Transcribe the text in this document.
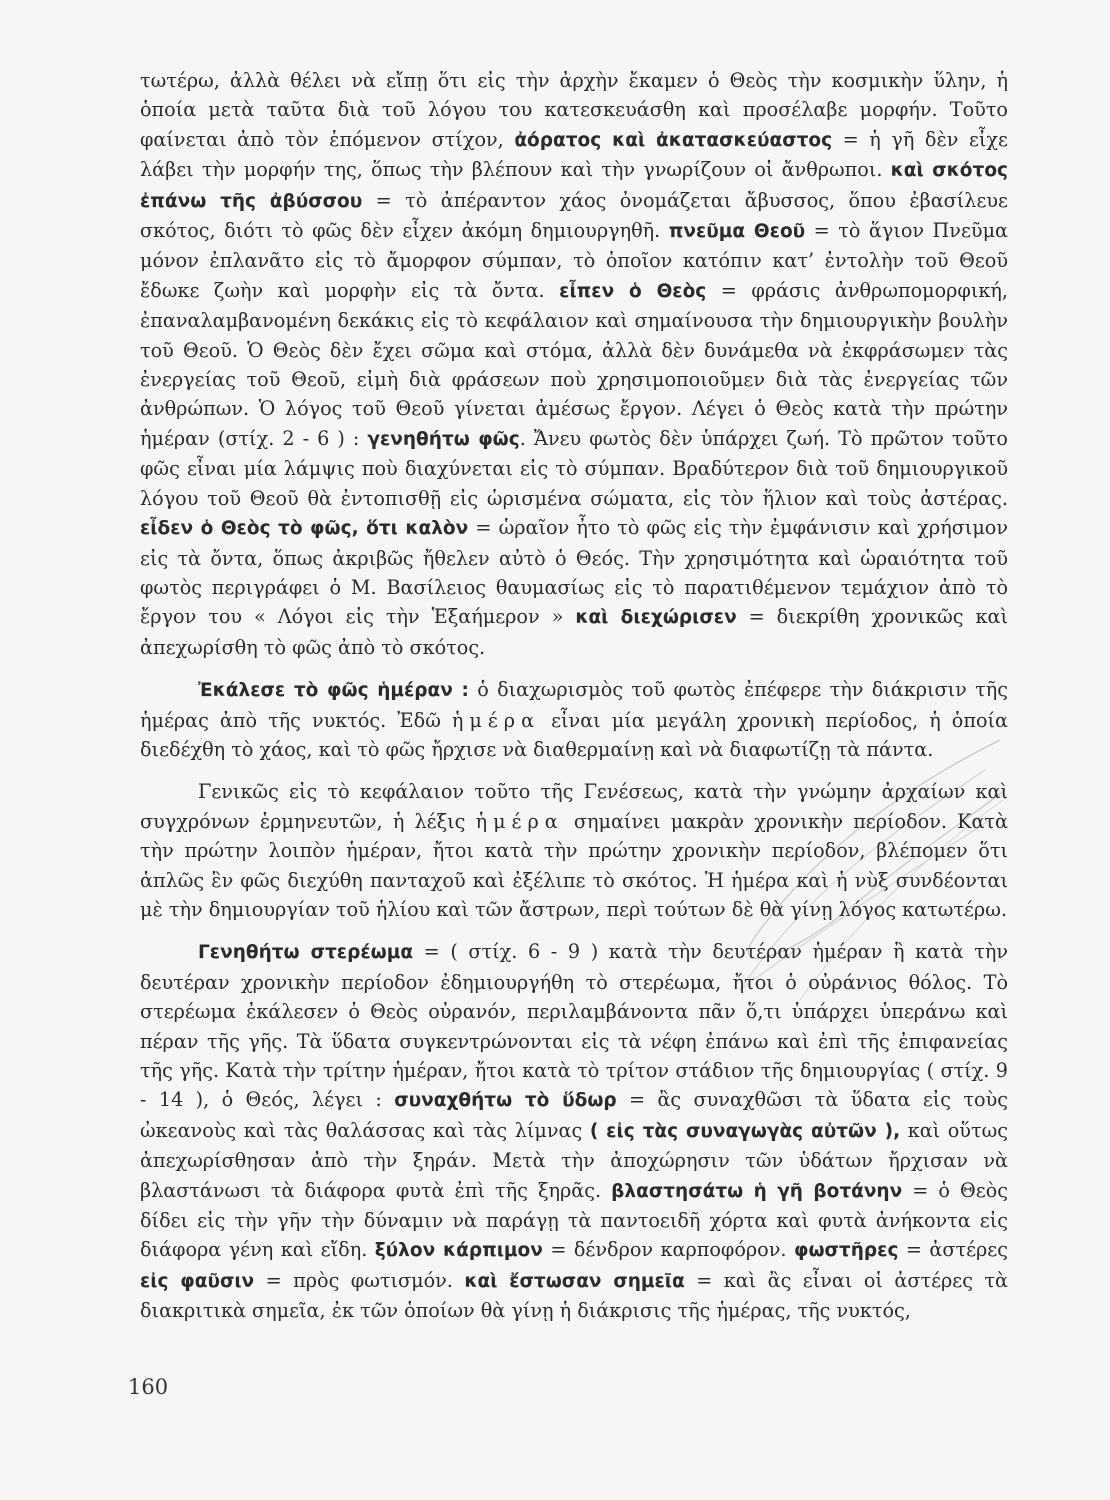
τωτέρω, ἀλλὰ θέλει νὰ εἴπῃ ὅτι εἰς τὴν ἀρχὴν ἔκαμεν ὁ Θεὸς τὴν κοσμικὴν ὕλην, ἡ ὁποία μετὰ ταῦτα διὰ τοῦ λόγου του κατεσκευάσθη καὶ προσέλαβε μορφήν. Τοῦτο φαίνεται ἀπὸ τὸν ἑπόμενον στίχον, ἀόρατος καὶ ἀκατασκεύαστος = ἡ γῆ δὲν εἶχε λάβει τὴν μορφήν της, ὅπως τὴν βλέπουν καὶ τὴν γνωρίζουν οἱ ἄνθρωποι. καὶ σκότος ἐπάνω τῆς ἀβύσσου = τὸ ἀπέραντον χάος ὀνομάζεται ἄβυσσος, ὅπου ἐβασίλευε σκότος, διότι τὸ φῶς δὲν εἶχεν ἀκόμη δημιουργηθῆ. πνεῦμα Θεοῦ = τὸ ἅγιον Πνεῦμα μόνον ἐπλανᾶτο εἰς τὸ ἄμορφον σύμπαν, τὸ ὁποῖον κατόπιν κατ’ ἐντολὴν τοῦ Θεοῦ ἔδωκε ζωὴν καὶ μορφὴν εἰς τὰ ὄντα. εἶπεν ὁ Θεὸς = φράσις ἀνθρωπομορφική, ἐπαναλαμβανομένη δεκάκις εἰς τὸ κεφάλαιον καὶ σημαίνουσα τὴν δημιουργικὴν βουλὴν τοῦ Θεοῦ. Ὁ Θεὸς δὲν ἔχει σῶμα καὶ στόμα, ἀλλὰ δὲν δυνάμεθα νὰ ἐκφράσωμεν τὰς ἐνεργείας τοῦ Θεοῦ, εἰμὴ διὰ φράσεων ποὺ χρησιμοποιοῦμεν διὰ τὰς ἐνεργείας τῶν ἀνθρώπων. Ὁ λόγος τοῦ Θεοῦ γίνεται ἀμέσως ἔργον. Λέγει ὁ Θεὸς κατὰ τὴν πρώτην ἡμέραν (στίχ. 2 - 6 ) : γενηθήτω φῶς. Ἄνευ φωτὸς δὲν ὑπάρχει ζωή. Τὸ πρῶτον τοῦτο φῶς εἶναι μία λάμψις ποὺ διαχύνεται εἰς τὸ σύμπαν. Βραδύτερον διὰ τοῦ δημιουργικοῦ λόγου τοῦ Θεοῦ θὰ ἐντοπισθῇ εἰς ὡρισμένα σώματα, εἰς τὸν ἥλιον καὶ τοὺς ἀστέρας. εἶδεν ὁ Θεὸς τὸ φῶς, ὅτι καλὸν = ὡραῖον ἦτο τὸ φῶς εἰς τὴν ἐμφάνισιν καὶ χρήσιμον εἰς τὰ ὄντα, ὅπως ἀκριβῶς ἤθελεν αὐτὸ ὁ Θεός. Τὴν χρησιμότητα καὶ ὡραιότητα τοῦ φωτὸς περιγράφει ὁ Μ. Βασίλειος θαυμασίως εἰς τὸ παρατιθέμενον τεμάχιον ἀπὸ τὸ ἔργον του « Λόγοι εἰς τὴν Ἑξαήμερον » καὶ διεχώρισεν = διεκρίθη χρονικῶς καὶ ἀπεχωρίσθη τὸ φῶς ἀπὸ τὸ σκότος.

Ἐκάλεσε τὸ φῶς ἡμέραν : ὁ διαχωρισμὸς τοῦ φωτὸς ἐπέφερε τὴν διάκρισιν τῆς ἡμέρας ἀπὸ τῆς νυκτός. Ἐδῶ ἡμέρα εἶναι μία μεγάλη χρονικὴ περίοδος, ἡ ὁποία διεδέχθη τὸ χάος, καὶ τὸ φῶς ἤρχισε νὰ διαθερμαίνῃ καὶ νὰ διαφωτίζῃ τὰ πάντα.

Γενικῶς εἰς τὸ κεφάλαιον τοῦτο τῆς Γενέσεως, κατὰ τὴν γνώμην ἀρχαίων καὶ συγχρόνων ἑρμηνευτῶν, ἡ λέξις ἡμέρα σημαίνει μακρὰν χρονικὴν περίοδον. Κατὰ τὴν πρώτην λοιπὸν ἡμέραν, ἤτοι κατὰ τὴν πρώτην χρονικὴν περίοδον, βλέπομεν ὅτι ἁπλῶς ἓν φῶς διεχύθη πανταχοῦ καὶ ἐξέλιπε τὸ σκότος. Ἡ ἡμέρα καὶ ἡ νὺξ συνδέονται μὲ τὴν δημιουργίαν τοῦ ἡλίου καὶ τῶν ἄστρων, περὶ τούτων δὲ θὰ γίνῃ λόγος κατωτέρω.

Γενηθήτω στερέωμα = ( στίχ. 6 - 9 ) κατὰ τὴν δευτέραν ἡμέραν ἢ κατὰ τὴν δευτέραν χρονικὴν περίοδον ἐδημιουργήθη τὸ στερέωμα, ἤτοι ὁ οὐράνιος θόλος. Τὸ στερέωμα ἐκάλεσεν ὁ Θεὸς οὐρανόν, περιλαμβάνοντα πᾶν ὅ,τι ὑπάρχει ὑπεράνω καὶ πέραν τῆς γῆς. Τὰ ὕδατα συγκεντρώνονται εἰς τὰ νέφη ἐπάνω καὶ ἐπὶ τῆς ἐπιφανείας τῆς γῆς. Κατὰ τὴν τρίτην ἡμέραν, ἤτοι κατὰ τὸ τρίτον στάδιον τῆς δημιουργίας ( στίχ. 9 - 14 ), ὁ Θεός, λέγει : συναχθήτω τὸ ὕδωρ = ἂς συναχθῶσι τὰ ὕδατα εἰς τοὺς ὠκεανοὺς καὶ τὰς θαλάσσας καὶ τὰς λίμνας ( εἰς τὰς συναγωγὰς αὐτῶν ), καὶ οὕτως ἀπεχωρίσθησαν ἀπὸ τὴν ξηράν. Μετὰ τὴν ἀποχώρησιν τῶν ὑδάτων ἤρχισαν νὰ βλαστάνωσι τὰ διάφορα φυτὰ ἐπὶ τῆς ξηρᾶς. βλαστησάτω ἡ γῆ βοτάνην = ὁ Θεὸς δίδει εἰς τὴν γῆν τὴν δύναμιν νὰ παράγῃ τὰ παντοειδῆ χόρτα καὶ φυτὰ ἀνήκοντα εἰς διάφορα γένη καὶ εἴδη. ξύλον κάρπιμον = δένδρον καρποφόρον. φωστῆρες = ἀστέρες εἰς φαῦσιν = πρὸς φωτισμόν. καὶ ἔστωσαν σημεῖα = καὶ ἂς εἶναι οἱ ἀστέρες τὰ διακριτικὰ σημεῖα, ἐκ τῶν ὁποίων θὰ γίνῃ ἡ διάκρισις τῆς ἡμέρας, τῆς νυκτός,

160
